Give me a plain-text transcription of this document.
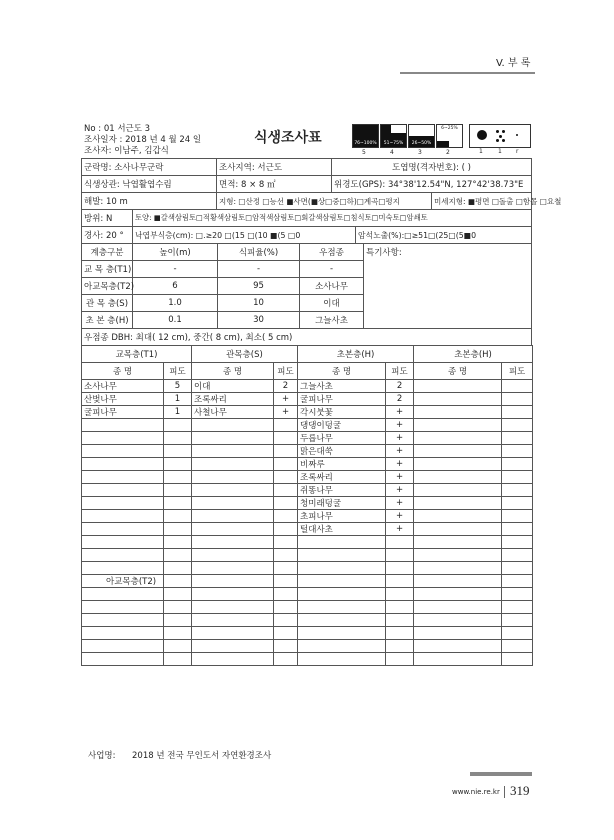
V. 부 록
No : 01 서근도 3
조사일자 : 2018 년 4 월 24 일
조사자: 이남주, 김갑식
식생조사표	76~100%	51~75%	26~50%
6~25%
5	4	3	2	1	1 r
군락명: 소사나무군락	조사지역: 서근도	도엽명(격자번호): ( )	
식생상관: 낙엽활엽수림	면적: 8 × 8 ㎡	위경도(GPS): 34°38'12.54"N, 127°42'38.73"E	
해발: 10 m	지형: □산정 □능선 ■사면(■상□중□하)□계곡□평지		미세지형: ■평면 □돌출 □함몰 □요철
방위: N	토양: ■갈색삼림토□적황색삼림토□암적색삼림토□회갈색삼림토□침식토□미숙토□암쇄토
경사: 20 °	낙엽부식층(cm): □.≥20 □(15 □(10 ■(5 □0	암석노출(%):□≥51□(25□(5■0
계층구분	높이(m)	식피율(%)	우점종	특기사항:
교 목 층(T1)	-	-	-	
아교목층(T2)	6	95	소사나무	
관 목 층(S)	1.0	10	이대	
초 본 층(H)	0.1	30	그늘사초	
우점종 DBH: 최대( 12 cm), 중간( 8 cm), 최소( 5 cm)				
교목층(T1)		관목층(S)		초본층(H)		초본층(H)	
종 명	피도	종 명	피도	종 명	피도	종 명	피도
소사나무	5	이대	2	그늘사초	2		
산벚나무	1	조록싸리	+	굴피나무	2		
굴피나무	1	사철나무	+	각시붓꽃	+		
				댕댕이덩굴	+		
				두릅나무	+		
				맑은대쑥	+		
				비짜루	+		
				조록싸리	+		
				쥐똥나무	+		
				청미래덩굴	+		
				초피나무	+		
				털대사초	+		

아교목층(T2)							

사업명: 2018 년 전국 무인도서 자연환경조사
www.nie.re.kr 319
